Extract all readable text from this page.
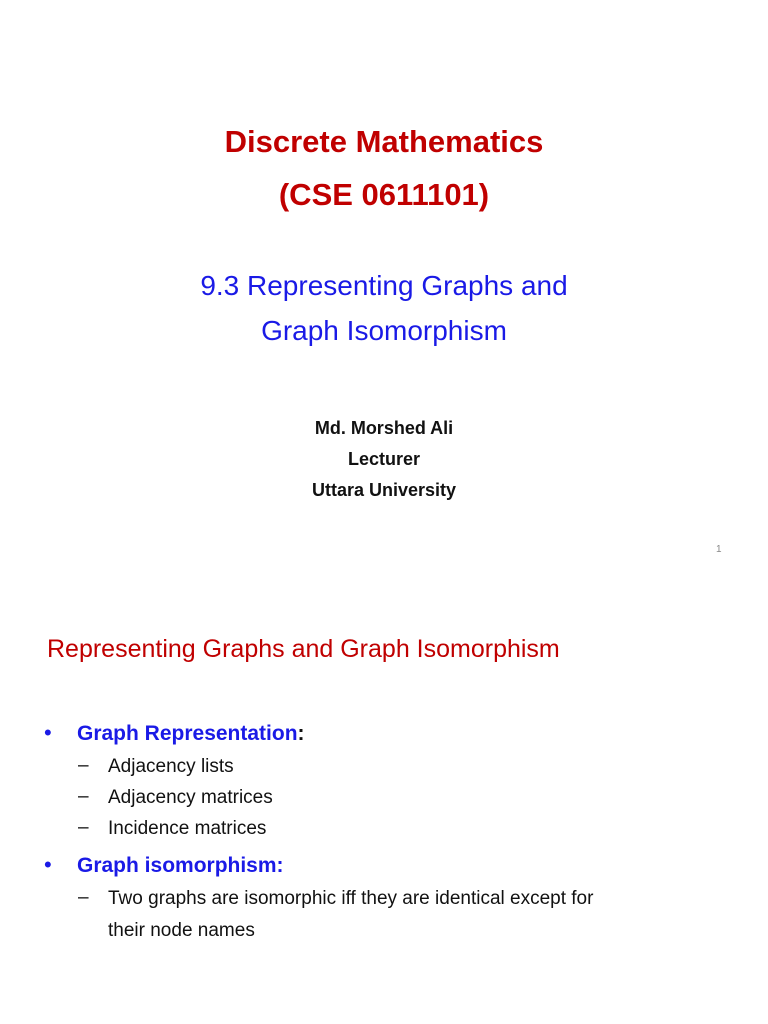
Discrete Mathematics
(CSE 0611101)
9.3 Representing Graphs and
Graph Isomorphism
Md. Morshed Ali
Lecturer
Uttara University
1
Representing Graphs and Graph Isomorphism
• Graph Representation:
– Adjacency lists
– Adjacency matrices
– Incidence matrices
• Graph isomorphism:
– Two graphs are isomorphic iff they are identical except for
their node names
